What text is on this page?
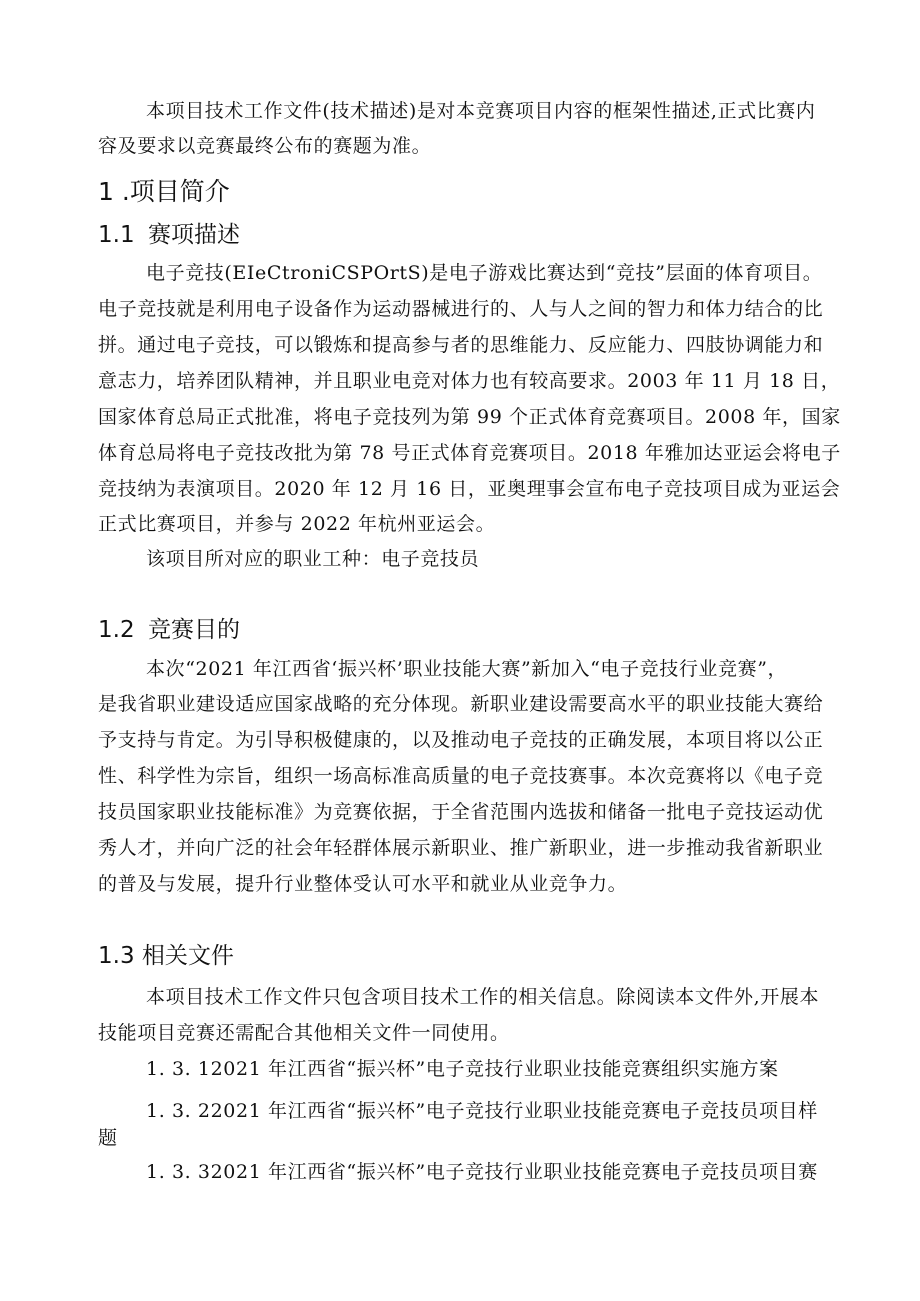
本项目技术工作文件(技术描述)是对本竞赛项目内容的框架性描述,正式比赛内
容及要求以竞赛最终公布的赛题为准。
1 .项目简介
1.1 赛项描述
电子竞技(EIeCtroniCSPOrtS)是电子游戏比赛达到“竞技”层面的体育项目。
电子竞技就是利用电子设备作为运动器械进行的、人与人之间的智力和体力结合的比
拼。通过电子竞技，可以锻炼和提高参与者的思维能力、反应能力、四肢协调能力和
意志力，培养团队精神，并且职业电竞对体力也有较高要求。2003 年 11 月 18 日，
国家体育总局正式批准，将电子竞技列为第 99 个正式体育竞赛项目。2008 年，国家
体育总局将电子竞技改批为第 78 号正式体育竞赛项目。2018 年雅加达亚运会将电子
竞技纳为表演项目。2020 年 12 月 16 日，亚奥理事会宣布电子竞技项目成为亚运会
正式比赛项目，并参与 2022 年杭州亚运会。
该项目所对应的职业工种：电子竞技员
1.2 竞赛目的
本次“2021 年江西省‘振兴杯’职业技能大赛”新加入“电子竞技行业竞赛”，
是我省职业建设适应国家战略的充分体现。新职业建设需要高水平的职业技能大赛给
予支持与肯定。为引导积极健康的，以及推动电子竞技的正确发展，本项目将以公正
性、科学性为宗旨，组织一场高标准高质量的电子竞技赛事。本次竞赛将以《电子竞
技员国家职业技能标准》为竞赛依据，于全省范围内选拔和储备一批电子竞技运动优
秀人才，并向广泛的社会年轻群体展示新职业、推广新职业，进一步推动我省新职业
的普及与发展，提升行业整体受认可水平和就业从业竞争力。
1.3 相关文件
本项目技术工作文件只包含项目技术工作的相关信息。除阅读本文件外,开展本
技能项目竞赛还需配合其他相关文件一同使用。
1. 3. 12021 年江西省“振兴杯”电子竞技行业职业技能竞赛组织实施方案
1. 3. 22021 年江西省“振兴杯”电子竞技行业职业技能竞赛电子竞技员项目样
题
1. 3. 32021 年江西省“振兴杯”电子竞技行业职业技能竞赛电子竞技员项目赛
